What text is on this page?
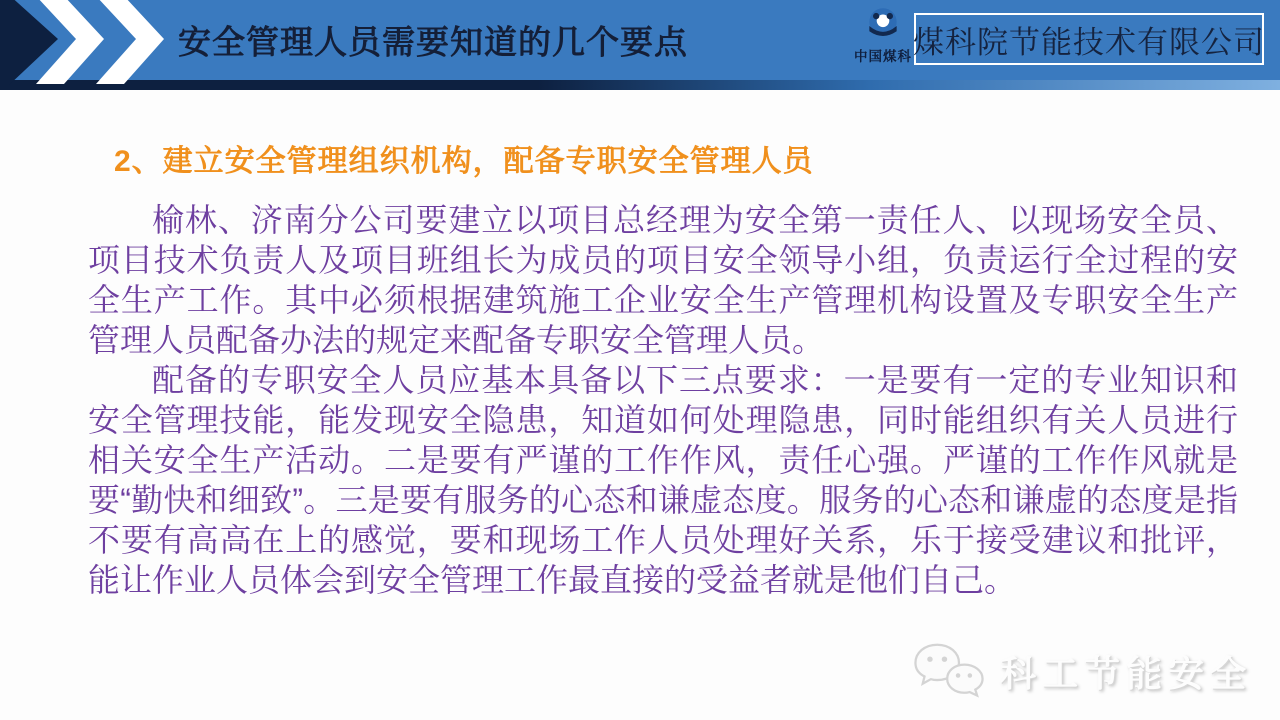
安全管理人员需要知道的几个要点	中国煤科 煤科院节能技术有限公司
2、建立安全管理组织机构，配备专职安全管理人员

榆林、济南分公司要建立以项目总经理为安全第一责任人、以现场安全员、项目技术负责人及项目班组长为成员的项目安全领导小组，负责运行全过程的安全生产工作。其中必须根据建筑施工企业安全生产管理机构设置及专职安全生产管理人员配备办法的规定来配备专职安全管理人员。

配备的专职安全人员应基本具备以下三点要求：一是要有一定的专业知识和安全管理技能，能发现安全隐患，知道如何处理隐患，同时能组织有关人员进行相关安全生产活动。二是要有严谨的工作作风，责任心强。严谨的工作作风就是要“勤快和细致”。三是要有服务的心态和谦虚态度。服务的心态和谦虚的态度是指不要有高高在上的感觉，要和现场工作人员处理好关系，乐于接受建议和批评，能让作业人员体会到安全管理工作最直接的受益者就是他们自己。

科工节能安全
